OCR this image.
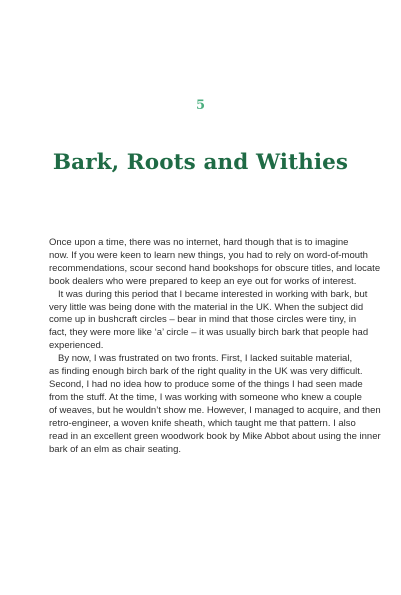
5
Bark, Roots and Withies

Once upon a time, there was no internet, hard though that is to imagine
now. If you were keen to learn new things, you had to rely on word-of-mouth
recommendations, scour second hand bookshops for obscure titles, and locate
book dealers who were prepared to keep an eye out for works of interest.

It was during this period that I became interested in working with bark, but
very little was being done with the material in the UK. When the subject did
come up in bushcraft circles – bear in mind that those circles were tiny, in
fact, they were more like ‘a’ circle – it was usually birch bark that people had
experienced.

By now, I was frustrated on two fronts. First, I lacked suitable material,
as finding enough birch bark of the right quality in the UK was very difficult.
Second, I had no idea how to produce some of the things I had seen made
from the stuff. At the time, I was working with someone who knew a couple
of weaves, but he wouldn’t show me. However, I managed to acquire, and then
retro-engineer, a woven knife sheath, which taught me that pattern. I also
read in an excellent green woodwork book by Mike Abbot about using the inner
bark of an elm as chair seating.
